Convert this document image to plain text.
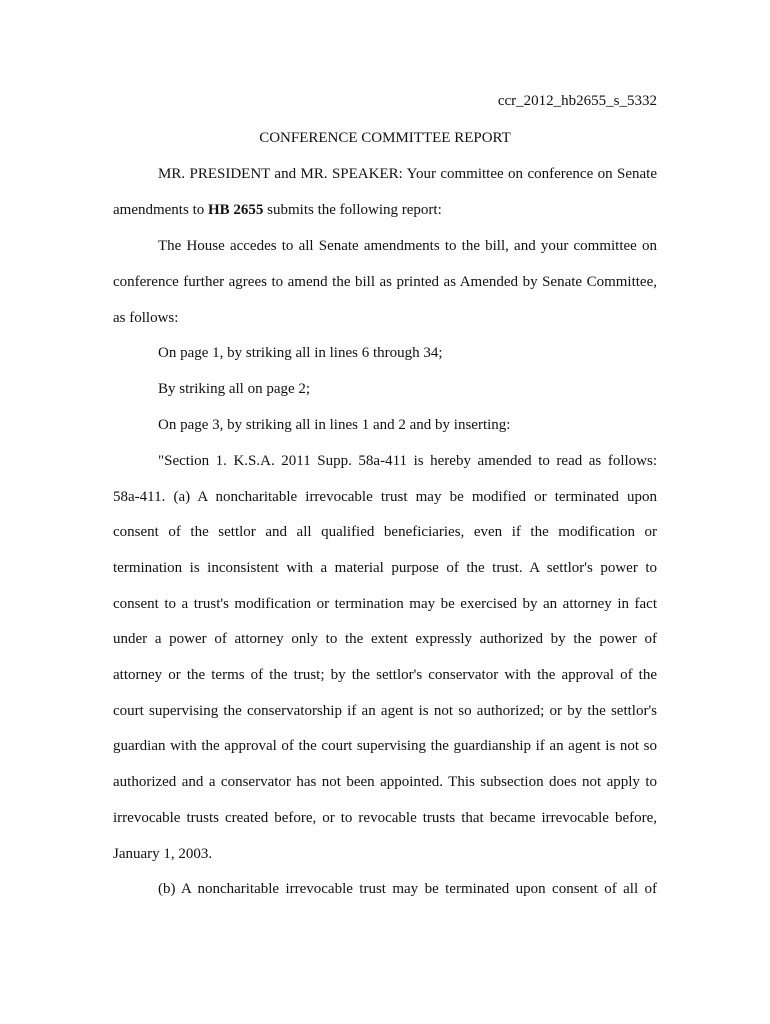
ccr_2012_hb2655_s_5332
CONFERENCE COMMITTEE REPORT
MR. PRESIDENT and MR. SPEAKER: Your committee on conference on Senate
amendments to HB 2655 submits the following report:
The House accedes to all Senate amendments to the bill, and your committee on
conference further agrees to amend the bill as printed as Amended by Senate Committee,
as follows:
On page 1, by striking all in lines 6 through 34;
By striking all on page 2;
On page 3, by striking all in lines 1 and 2 and by inserting:
"Section 1. K.S.A. 2011 Supp. 58a-411 is hereby amended to read as follows:
58a-411. (a) A noncharitable irrevocable trust may be modified or terminated upon
consent of the settlor and all qualified beneficiaries, even if the modification or
termination is inconsistent with a material purpose of the trust. A settlor's power to
consent to a trust's modification or termination may be exercised by an attorney in fact
under a power of attorney only to the extent expressly authorized by the power of
attorney or the terms of the trust; by the settlor's conservator with the approval of the
court supervising the conservatorship if an agent is not so authorized; or by the settlor's
guardian with the approval of the court supervising the guardianship if an agent is not so
authorized and a conservator has not been appointed. This subsection does not apply to
irrevocable trusts created before, or to revocable trusts that became irrevocable before,
January 1, 2003.
(b) A noncharitable irrevocable trust may be terminated upon consent of all of
